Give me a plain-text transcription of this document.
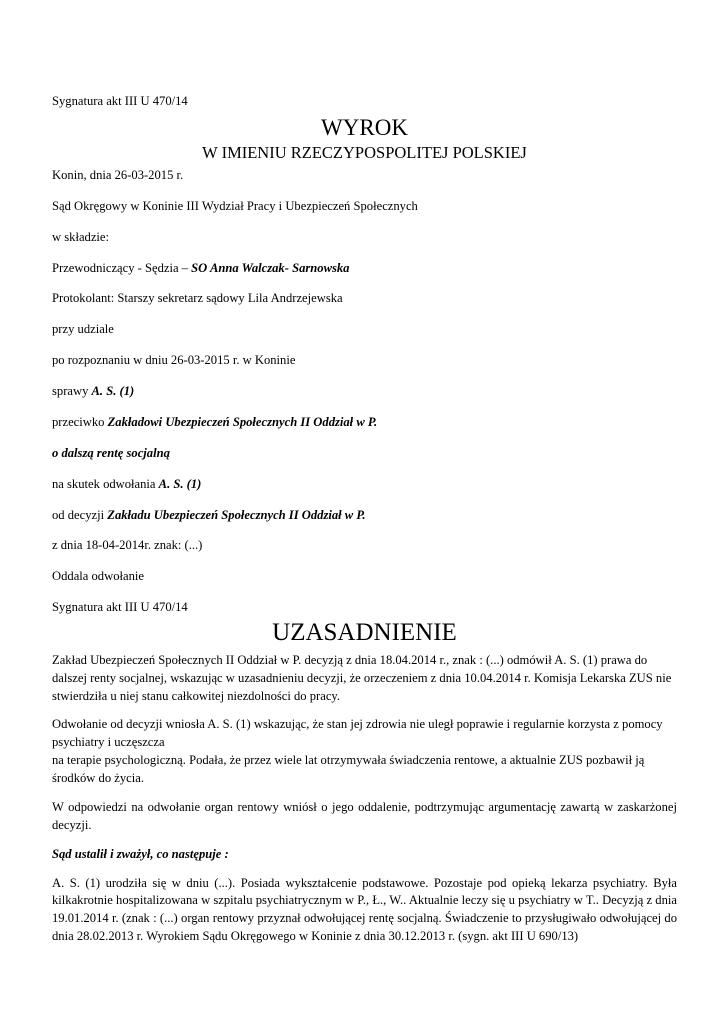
Sygnatura akt III U 470/14

WYROK
W IMIENIU RZECZYPOSPOLITEJ POLSKIEJ

Konin, dnia 26-03-2015 r.

Sąd Okręgowy w Koninie III Wydział Pracy i Ubezpieczeń Społecznych

w składzie:

Przewodniczący - Sędzia – SO Anna Walczak- Sarnowska

Protokolant: Starszy sekretarz sądowy Lila Andrzejewska

przy udziale

po rozpoznaniu w dniu 26-03-2015 r. w Koninie

sprawy A. S. (1)

przeciwko Zakładowi Ubezpieczeń Społecznych II Oddział w P.

o dalszą rentę socjalną

na skutek odwołania A. S. (1)

od decyzji Zakładu Ubezpieczeń Społecznych II Oddział w P.

z dnia 18-04-2014r. znak: (...)

Oddala odwołanie

Sygnatura akt III U 470/14

UZASADNIENIE

Zakład Ubezpieczeń Społecznych II Oddział w P. decyzją z dnia 18.04.2014 r., znak : (...) odmówił A. S. (1) prawa do dalszej renty socjalnej, wskazując w uzasadnieniu decyzji, że orzeczeniem z dnia 10.04.2014 r. Komisja Lekarska ZUS nie stwierdziła u niej stanu całkowitej niezdolności do pracy.

Odwołanie od decyzji wniosła A. S. (1) wskazując, że stan jej zdrowia nie uległ poprawie i regularnie korzysta z pomocy psychiatry i uczęszcza
na terapie psychologiczną. Podała, że przez wiele lat otrzymywała świadczenia rentowe, a aktualnie ZUS pozbawił ją środków do życia.

W odpowiedzi na odwołanie organ rentowy wniósł o jego oddalenie, podtrzymując argumentację zawartą w zaskarżonej decyzji.

Sąd ustalił i zważył, co następuje :

A. S. (1) urodziła się w dniu (...). Posiada wykształcenie podstawowe. Pozostaje pod opieką lekarza psychiatry. Była kilkakrotnie hospitalizowana w szpitalu psychiatrycznym w P., Ł., W.. Aktualnie leczy się u psychiatry w T.. Decyzją z dnia 19.01.2014 r. (znak : (...) organ rentowy przyznał odwołującej rentę socjalną. Świadczenie to przysługiwało odwołującej do dnia 28.02.2013 r. Wyrokiem Sądu Okręgowego w Koninie z dnia 30.12.2013 r. (sygn. akt III U 690/13)
